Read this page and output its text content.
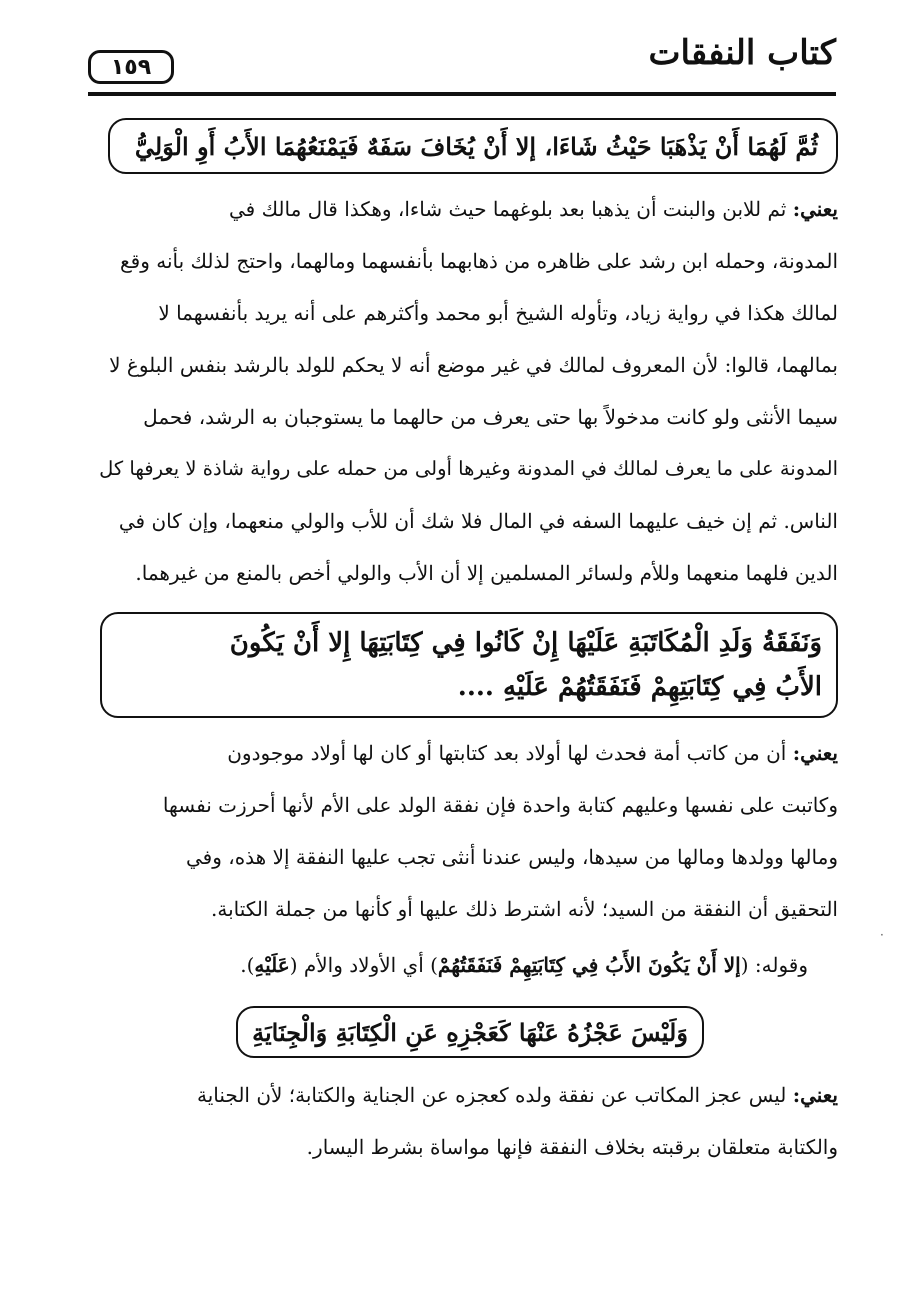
كتاب النفقات
١٥٩
ثُمَّ لَهُمَا أَنْ يَذْهَبَا حَيْثُ شَاءَا، إلا أَنْ يُخَافَ سَفَهٌ فَيَمْنَعُهُمَا الأَبُ أَوِ الْوَلِيُّ
يعني: ثم للابن والبنت أن يذهبا بعد بلوغهما حيث شاءا، وهكذا قال مالك في
المدونة، وحمله ابن رشد على ظاهره من ذهابهما بأنفسهما ومالهما، واحتج لذلك بأنه وقع
لمالك هكذا في رواية زياد، وتأوله الشيخ أبو محمد وأكثرهم على أنه يريد بأنفسهما لا
بمالهما، قالوا: لأن المعروف لمالك في غير موضع أنه لا يحكم للولد بالرشد بنفس البلوغ لا
سيما الأنثى ولو كانت مدخولاً بها حتى يعرف من حالهما ما يستوجبان به الرشد، فحمل
المدونة على ما يعرف لمالك في المدونة وغيرها أولى من حمله على رواية شاذة لا يعرفها كل
الناس. ثم إن خيف عليهما السفه في المال فلا شك أن للأب والولي منعهما، وإن كان في
الدين فلهما منعهما وللأم ولسائر المسلمين إلا أن الأب والولي أخص بالمنع من غيرهما.
وَنَفَقَةُ وَلَدِ الْمُكَاتَبَةِ عَلَيْهَا إِنْ كَانُوا فِي كِتَابَتِهَا إِلا أَنْ يَكُونَ
الأَبُ فِي كِتَابَتِهِمْ فَنَفَقَتُهُمْ عَلَيْهِ ....
يعني: أن من كاتب أمة فحدث لها أولاد بعد كتابتها أو كان لها أولاد موجودون
وكاتبت على نفسها وعليهم كتابة واحدة فإن نفقة الولد على الأم لأنها أحرزت نفسها
ومالها وولدها ومالها من سيدها، وليس عندنا أنثى تجب عليها النفقة إلا هذه، وفي
التحقيق أن النفقة من السيد؛ لأنه اشترط ذلك عليها أو كأنها من جملة الكتابة.
وقوله: (إلا أَنْ يَكُونَ الأَبُ فِي كِتَابَتِهِمْ فَنَفَقَتُهُمْ) أي الأولاد والأم (عَلَيْهِ).
وَلَيْسَ عَجْزُهُ عَنْهَا كَعَجْزِهِ عَنِ الْكِتَابَةِ وَالْجِنَايَةِ
يعني: ليس عجز المكاتب عن نفقة ولده كعجزه عن الجناية والكتابة؛ لأن الجناية
والكتابة متعلقان برقبته بخلاف النفقة فإنها مواساة بشرط اليسار.
·
